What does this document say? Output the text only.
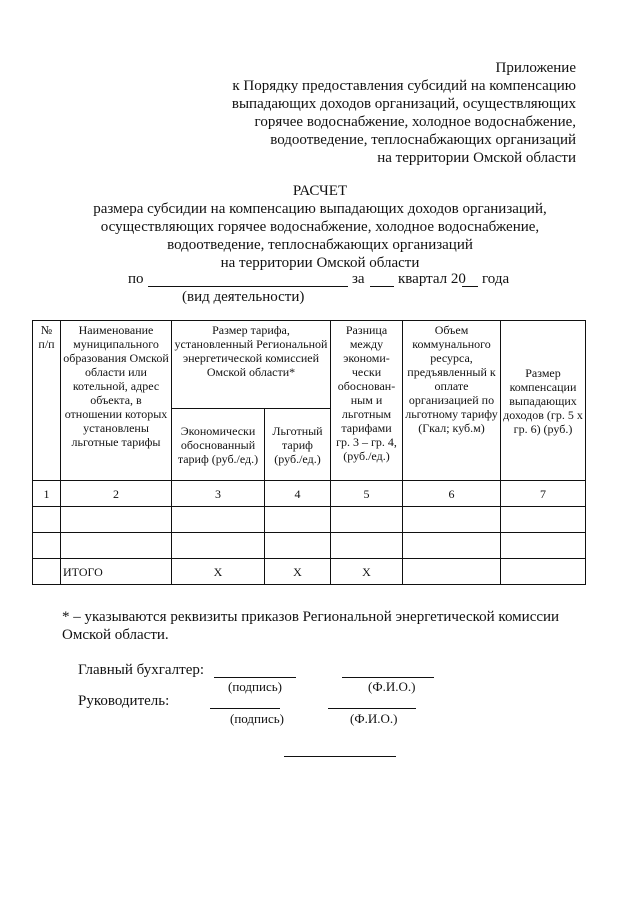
Приложение
к Порядку предоставления субсидий на компенсацию
выпадающих доходов организаций, осуществляющих
горячее водоснабжение, холодное водоснабжение,
водоотведение, теплоснабжающих организаций
на территории Омской области
РАСЧЕТ
размера субсидии на компенсацию выпадающих доходов организаций,
осуществляющих горячее водоснабжение, холодное водоснабжение,
водоотведение, теплоснабжающих организаций
на территории Омской области
по	за квартал 20 года
(вид деятельности)
№ п/п	Наименование муниципального образования Омской области или котельной, адрес объекта, в отношении которых установлены льготные тарифы	Размер тарифа, установленный Региональной энергетической комиссией Омской области*		Разница между экономи-чески обоснован-ным и льготным тарифами гр. 3 – гр. 4, (руб./ед.)	Объем коммунального ресурса, предъявленный к оплате организацией по льготному тарифу (Гкал; куб.м)	Размер компенсации выпадающих доходов (гр. 5 х гр. 6) (руб.)
		Экономически обоснованный тариф (руб./ед.)	Льготный тариф (руб./ед.)			
1	2	3	4	5	6	7

	ИТОГО	Х	Х	Х		
* – указываются реквизиты приказов Региональной энергетической комиссии
Омской области.
Главный бухгалтер:
(подпись)	(Ф.И.О.)
Руководитель:
(подпись)	(Ф.И.О.)
